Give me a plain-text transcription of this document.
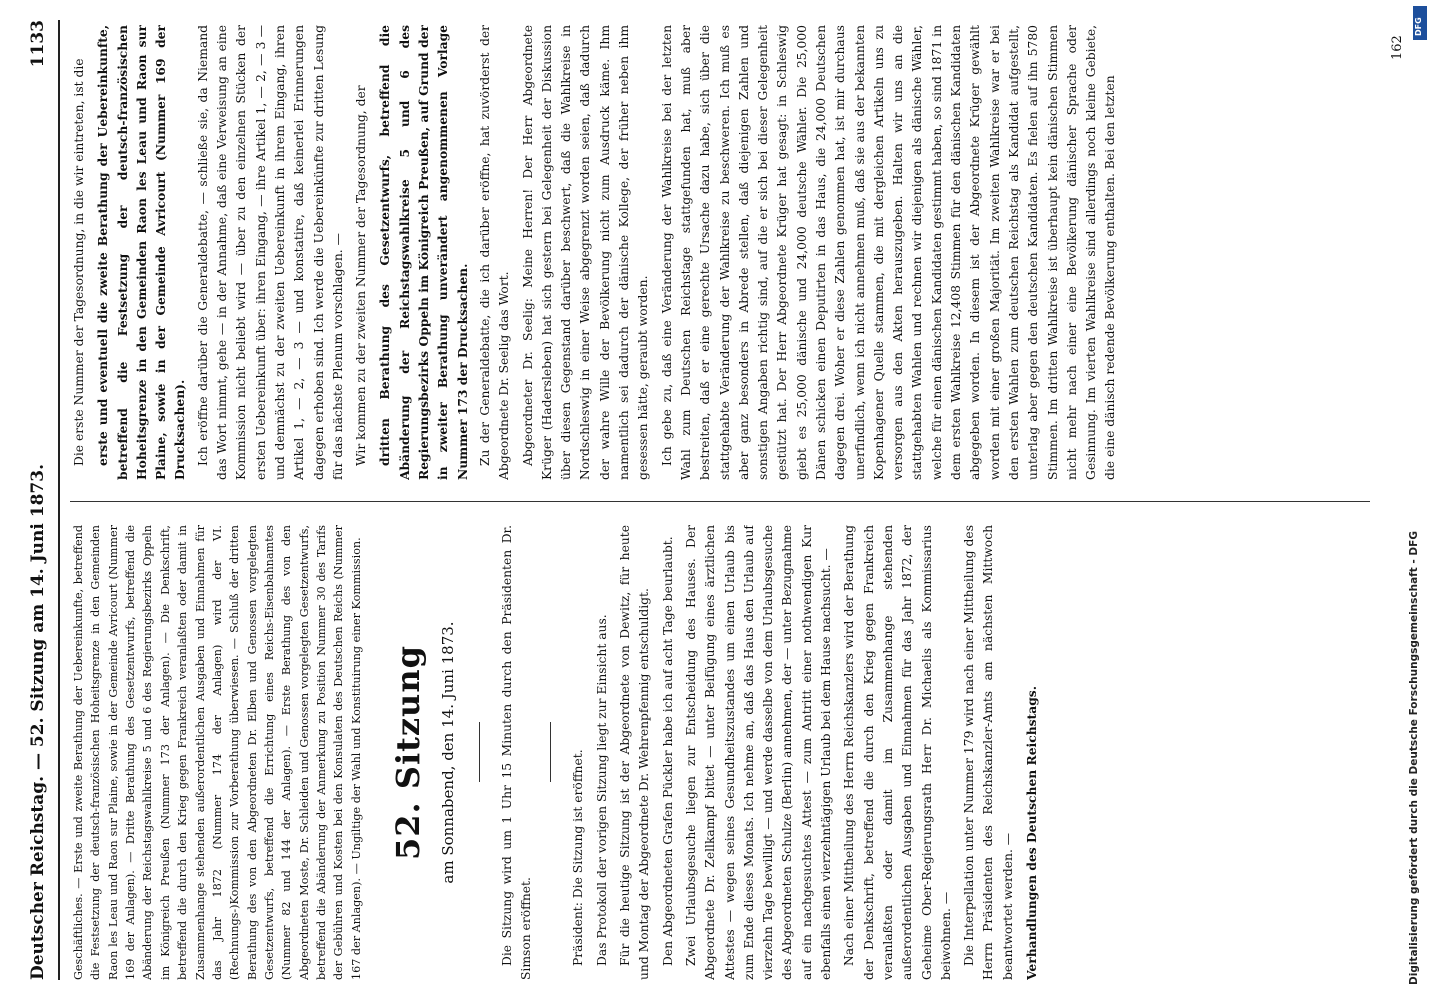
Deutscher Reichstag. — 52. Sitzung am 14. Juni 1873.
1133
Geschäftliches. — Erste und zweite Berathung der Uebereinkunfte, betreffend die Festsetzung der deutsch-französischen Hoheitsgrenze in den Gemeinden Raon les Leau und Raon sur Plaine, sowie in der Gemeinde Avricourt (Nummer 169 der Anlagen). — Dritte Berathung des Gesetzentwurfs, betreffend die Abänderung der Reichstagswahlkreise 5 und 6 des Regierungsbezirks Oppeln im Königreich Preußen (Nummer 173 der Anlagen). — Die Denkschrift, betreffend die durch den Krieg gegen Frankreich veranlaßten oder damit in Zusammenhange stehenden außerordentlichen Ausgaben und Einnahmen für das Jahr 1872 (Nummer 174 der Anlagen) wird der VI. (Rechnungs-)Kommission zur Vorberathung überwiesen. — Schluß der dritten Berathung des von den Abgeordneten Dr. Elben und Genossen vorgelegten Gesetzentwurfs, betreffend die Errichtung eines Reichs-Eisenbahnamtes (Nummer 82 und 144 der Anlagen). — Erste Berathung des von den Abgeordneten Moste, Dr. Schleiden und Genossen vorgelegten Gesetzentwurfs, betreffend die Abänderung der Anmerkung zu Position Nummer 30 des Tarifs der Gebühren und Kosten bei den Konsulaten des Deutschen Reichs (Nummer 167 der Anlagen). — Ungiltige der Wahl und Konstituirung einer Kommission. 52. Sitzung am Sonnabend, den 14. Juni 1873.	Die Sitzung wird um 1 Uhr 15 Minuten durch den Präsidenten Dr. Simson eröffnet.	Präsident: Die Sitzung ist eröffnet. Das Protokoll der vorigen Sitzung liegt zur Einsicht aus. Für die heutige Sitzung ist der Abgeordnete von Dewitz, für heute und Montag der Abgeordnete Dr. Wehrenpfennig entschuldigt. Den Abgeordneten Grafen Pückler habe ich auf acht Tage beurlaubt. Zwei Urlaubsgesuche liegen zur Entscheidung des Hauses. Der Abgeordnete Dr. Zellkampf bittet — unter Beifügung eines ärztlichen Attestes — wegen seines Gesundheitszustandes um einen Urlaub bis zum Ende dieses Monats. Ich nehme an, daß das Haus den Urlaub auf vierzehn Tage bewilligt — und werde dasselbe von dem Urlaubsgesuche des Abgeordneten Schulze (Berlin) annehmen, der — unter Bezugnahme auf ein nachgesuchtes Attest — zum Antritt einer nothwendigen Kur ebenfalls einen vierzehntägigen Urlaub bei dem Hause nachsucht. — Nach einer Mittheilung des Herrn Reichskanzlers wird der Berathung der Denkschrift, betreffend die durch den Krieg gegen Frankreich veranlaßten oder damit im Zusammenhange stehenden außerordentlichen Ausgaben und Einnahmen für das Jahr 1872, der Geheime Ober-Regierungsrath Herr Dr. Michaelis als Kommissarius beiwohnen. — Die Interpellation unter Nummer 179 wird nach einer Mittheilung des Herrn Präsidenten des Reichskanzler-Amts am nächsten Mittwoch beantwortet werden. — Verhandlungen des Deutschen Reichstags.

Die erste Nummer der Tagesordnung, in die wir eintreten, ist die erste und eventuell die zweite Berathung der Uebereinkunfte, betreffend die Festsetzung der deutsch-französischen Hoheitsgrenze in den Gemeinden Raon les Leau und Raon sur Plaine, sowie in der Gemeinde Avricourt (Nummer 169 der Drucksachen). Ich eröffne darüber die Generaldebatte, — schließe sie, da Niemand das Wort nimmt, gehe — in der Annahme, daß eine Verweisung an eine Kommission nicht beliebt wird — über zu den einzelnen Stücken der ersten Uebereinkunft über: ihren Eingang, — ihre Artikel 1, — 2, — 3 — und demnächst zu der zweiten Uebereinkunft in ihrem Eingang, ihren Artikel 1, — 2, — 3 — und konstatire, daß keinerlei Erinnerungen dagegen erhoben sind. Ich werde die Uebereinkünfte zur dritten Lesung für das nächste Plenum vorschlagen. — Wir kommen zu der zweiten Nummer der Tagesordnung, der dritten Berathung des Gesetzentwurfs, betreffend die Abänderung der Reichstagswahlkreise 5 und 6 des Regierungsbezirks Oppeln im Königreich Preußen, auf Grund der in zweiter Berathung unverändert angenommenen Vorlage Nummer 173 der Drucksachen. Zu der Generaldebatte, die ich darüber eröffne, hat zuvörderst der Abgeordnete Dr. Seelig das Wort. Abgeordneter Dr. Seelig: Meine Herren! Der Herr Abgeordnete Krüger (Hadersleben) hat sich gestern bei Gelegenheit der Diskussion über diesen Gegenstand darüber beschwert, daß die Wahlkreise in Nordschleswig in einer Weise abgegrenzt worden seien, daß dadurch der wahre Wille der Bevölkerung nicht zum Ausdruck käme. Ihm namentlich sei dadurch der dänische Kollege, der früher neben ihm gesessen hätte, geraubt worden. Ich gebe zu, daß eine Veränderung der Wahlkreise bei der letzten Wahl zum Deutschen Reichstage stattgefunden hat, muß aber bestreiten, daß er eine gerechte Ursache dazu habe, sich über die stattgehabte Veränderung der Wahlkreise zu beschweren. Ich muß es aber ganz besonders in Abrede stellen, daß diejenigen Zahlen und sonstigen Angaben richtig sind, auf die er sich bei dieser Gelegenheit gestützt hat. Der Herr Abgeordnete Krüger hat gesagt: in Schleswig giebt es 25,000 dänische und 24,000 deutsche Wähler. Die 25,000 Dänen schicken einen Deputirten in das Haus, die 24,000 Deutschen dagegen drei. Woher er diese Zahlen genommen hat, ist mir durchaus unerfindlich, wenn ich nicht annehmen muß, daß sie aus der bekannten Kopenhagener Quelle stammen, die mit dergleichen Artikeln uns zu versorgen aus den Akten herauszugeben. Halten wir uns an die stattgehabten Wahlen und rechnen wir diejenigen als dänische Wähler, welche für einen dänischen Kandidaten gestimmt haben, so sind 1871 in dem ersten Wahlkreise 12,408 Stimmen für den dänischen Kandidaten abgegeben worden. In diesem ist der Abgeordnete Krüger gewählt worden mit einer großen Majorität. Im zweiten Wahlkreise war er bei den ersten Wahlen zum deutschen Reichstag als Kandidat aufgestellt, unterlag aber gegen den deutschen Kandidaten. Es fielen auf ihn 5780 Stimmen. Im dritten Wahlkreise ist überhaupt kein dänischen Stimmen nicht mehr nach einer eine Bevölkerung dänischer Sprache oder Gesinnung. Im vierten Wahlkreise sind allerdings noch kleine Gebiete, die eine dänisch redende Bevölkerung enthalten. Bei den letzten

162
Digitalisierung gefördert durch die Deutsche Forschungsgemeinschaft - DFG
DFG
